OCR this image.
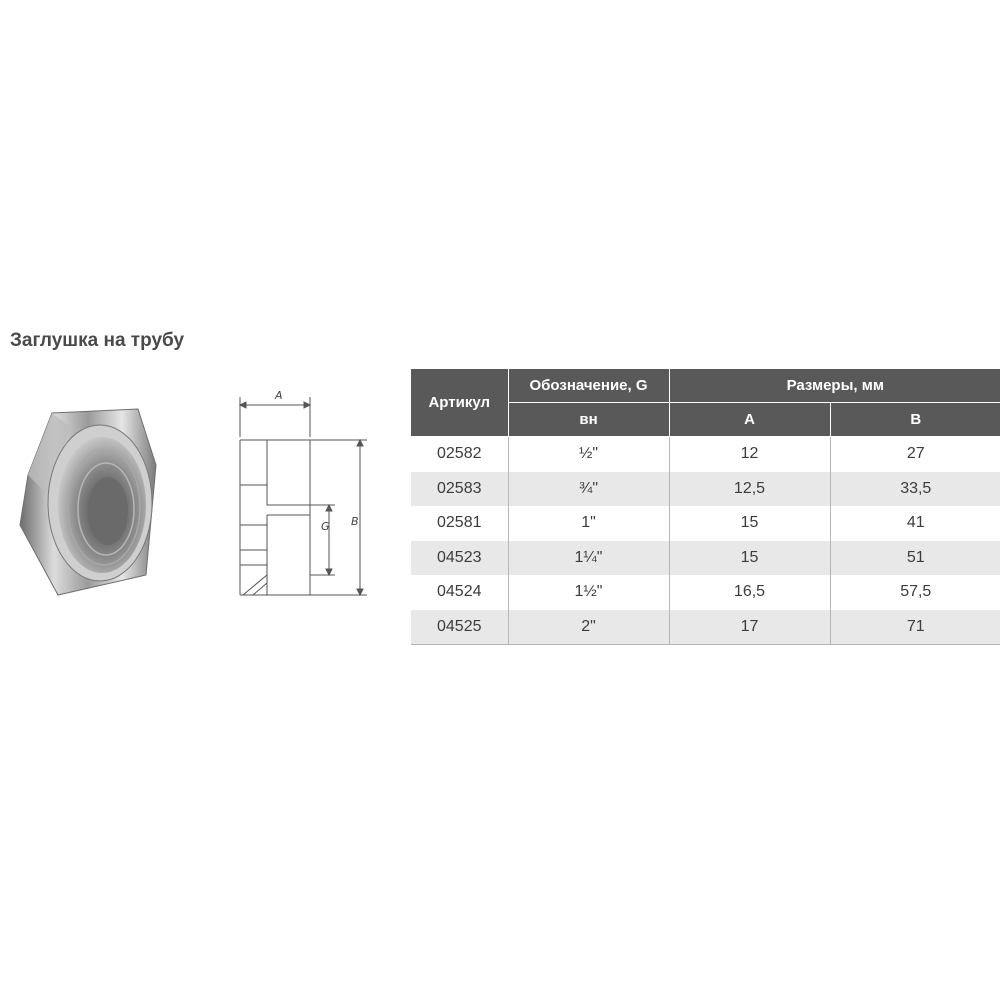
Заглушка на трубу
A
G B
Артикул	Обозначение, G	Размеры, мм	
	вн	A	B
02582	½"	12	27
02583	¾"	12,5	33,5
02581	1"	15	41
04523	1¼"	15	51
04524	1½"	16,5	57,5
04525	2"	17	71
